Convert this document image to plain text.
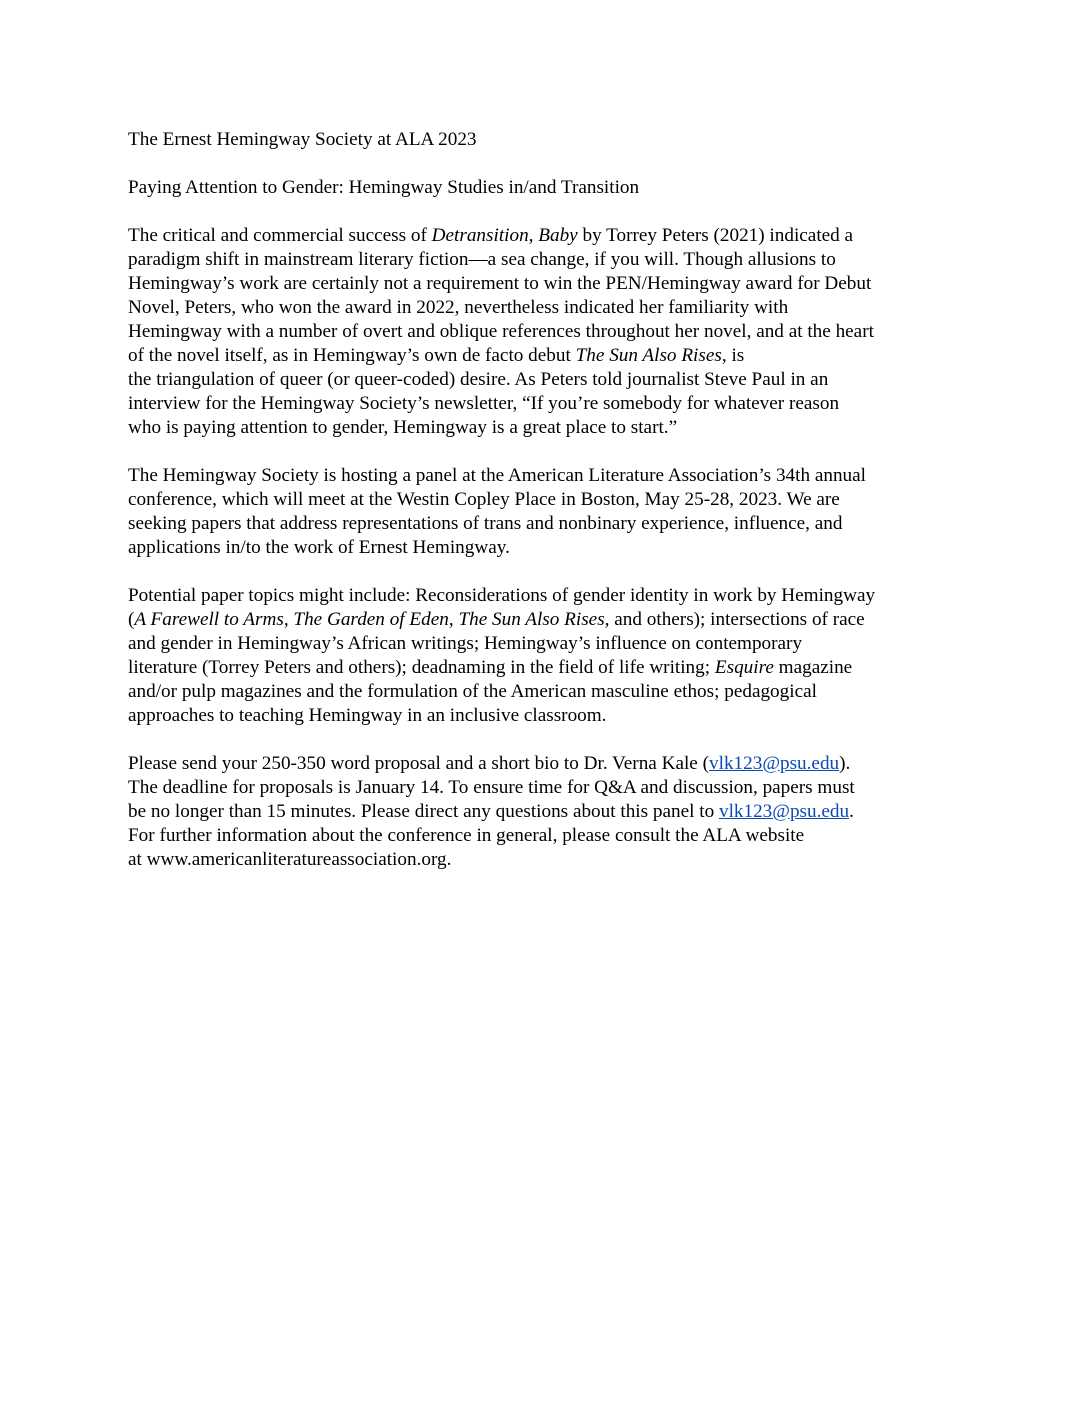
The Ernest Hemingway Society at ALA 2023

Paying Attention to Gender: Hemingway Studies in/and Transition

The critical and commercial success of Detransition, Baby by Torrey Peters (2021) indicated a
paradigm shift in mainstream literary fiction—a sea change, if you will. Though allusions to
Hemingway’s work are certainly not a requirement to win the PEN/Hemingway award for Debut
Novel, Peters, who won the award in 2022, nevertheless indicated her familiarity with
Hemingway with a number of overt and oblique references throughout her novel, and at the heart
of the novel itself, as in Hemingway’s own de facto debut The Sun Also Rises, is
the triangulation of queer (or queer-coded) desire. As Peters told journalist Steve Paul in an
interview for the Hemingway Society’s newsletter, “If you’re somebody for whatever reason
who is paying attention to gender, Hemingway is a great place to start.”

The Hemingway Society is hosting a panel at the American Literature Association’s 34th annual
conference, which will meet at the Westin Copley Place in Boston, May 25-28, 2023. We are
seeking papers that address representations of trans and nonbinary experience, influence, and
applications in/to the work of Ernest Hemingway.

Potential paper topics might include: Reconsiderations of gender identity in work by Hemingway
(A Farewell to Arms, The Garden of Eden, The Sun Also Rises, and others); intersections of race
and gender in Hemingway’s African writings; Hemingway’s influence on contemporary
literature (Torrey Peters and others); deadnaming in the field of life writing; Esquire magazine
and/or pulp magazines and the formulation of the American masculine ethos; pedagogical
approaches to teaching Hemingway in an inclusive classroom.

Please send your 250-350 word proposal and a short bio to Dr. Verna Kale (vlk123@psu.edu).
The deadline for proposals is January 14. To ensure time for Q&A and discussion, papers must
be no longer than 15 minutes. Please direct any questions about this panel to vlk123@psu.edu.
For further information about the conference in general, please consult the ALA website
at www.americanliteratureassociation.org.
